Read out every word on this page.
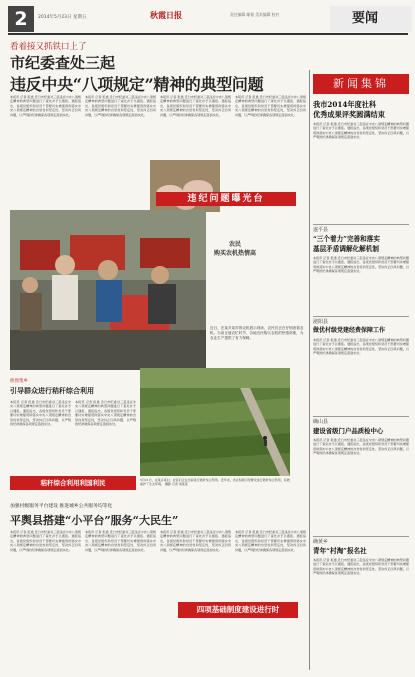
2	2014年5月23日 星期五	秋霞日报	责任编辑 邮箱 美术编辑 校对	要闻
看着接又抓铁口上了
市纪委查处三起
违反中央“八项规定”精神的典型问题
本报讯 记者 报道 近日市纪委对三起违反中央八项规定精神的典型问题进行了查处并予以通报。通报指出，各级党组织和党员干部要切实增强贯彻落实中央八项规定精神的自觉性和坚定性，坚决纠正四风问题，以严明的纪律确保各项规定落到实处。
本报讯 记者 报道 近日市纪委对三起违反中央八项规定精神的典型问题进行了查处并予以通报。通报指出，各级党组织和党员干部要切实增强贯彻落实中央八项规定精神的自觉性和坚定性，坚决纠正四风问题，以严明的纪律确保各项规定落到实处。
本报讯 记者 报道 近日市纪委对三起违反中央八项规定精神的典型问题进行了查处并予以通报。通报指出，各级党组织和党员干部要切实增强贯彻落实中央八项规定精神的自觉性和坚定性，坚决纠正四风问题，以严明的纪律确保各项规定落到实处。
本报讯 记者 报道 近日市纪委对三起违反中央八项规定精神的典型问题进行了查处并予以通报。通报指出，各级党组织和党员干部要切实增强贯彻落实中央八项规定精神的自觉性和坚定性，坚决纠正四风问题，以严明的纪律确保各项规定落到实处。
违纪问题曝光台
农民
购买农机热情高
近日，在某乡某村的农机展示现场，农民们正在仔细查看农机。当前正值农忙时节，各地农民购买农机的热情高涨，为农业生产提供了有力保障。
桥图集乡
引导群众进行秸秆综合利用
本报讯 记者 报道 近日市纪委对三起违反中央八项规定精神的典型问题进行了查处并予以通报。通报指出，各级党组织和党员干部要切实增强贯彻落实中央八项规定精神的自觉性和坚定性，坚决纠正四风问题，以严明的纪律确保各项规定落到实处。
本报讯 记者 报道 近日市纪委对三起违反中央八项规定精神的典型问题进行了查处并予以通报。通报指出，各级党组织和党员干部要切实增强贯彻落实中央八项规定精神的自觉性和坚定性，坚决纠正四风问题，以严明的纪律确保各项规定落到实处。
秸秆综合利用利国利民	5月21日，在某乡某村，农民们正在田间进行秸秆综合利用。近年来，该乡积极引导群众进行秸秆综合利用，有效保护了生态环境。 摄影 记者 刘某某
加强村级服务平台建设 推进城乡公共服务均等化
平舆县搭建“小平台”服务“大民生”
本报讯 记者 报道 近日市纪委对三起违反中央八项规定精神的典型问题进行了查处并予以通报。通报指出，各级党组织和党员干部要切实增强贯彻落实中央八项规定精神的自觉性和坚定性，坚决纠正四风问题，以严明的纪律确保各项规定落到实处。
本报讯 记者 报道 近日市纪委对三起违反中央八项规定精神的典型问题进行了查处并予以通报。通报指出，各级党组织和党员干部要切实增强贯彻落实中央八项规定精神的自觉性和坚定性，坚决纠正四风问题，以严明的纪律确保各项规定落到实处。
本报讯 记者 报道 近日市纪委对三起违反中央八项规定精神的典型问题进行了查处并予以通报。通报指出，各级党组织和党员干部要切实增强贯彻落实中央八项规定精神的自觉性和坚定性，坚决纠正四风问题，以严明的纪律确保各项规定落到实处。
本报讯 记者 报道 近日市纪委对三起违反中央八项规定精神的典型问题进行了查处并予以通报。通报指出，各级党组织和党员干部要切实增强贯彻落实中央八项规定精神的自觉性和坚定性，坚决纠正四风问题，以严明的纪律确保各项规定落到实处。
四项基础制度建设进行时
新闻集锦
我市2014年度社科
优秀成果评奖圆满结束
本报讯 记者 报道 近日市纪委对三起违反中央八项规定精神的典型问题进行了查处并予以通报。通报指出，各级党组织和党员干部要切实增强贯彻落实中央八项规定精神的自觉性和坚定性，坚决纠正四风问题，以严明的纪律确保各项规定落到实处。
遂平县
“三个着力”完善和落实
基层矛盾调解化解机制
本报讯 记者 报道 近日市纪委对三起违反中央八项规定精神的典型问题进行了查处并予以通报。通报指出，各级党组织和党员干部要切实增强贯彻落实中央八项规定精神的自觉性和坚定性，坚决纠正四风问题，以严明的纪律确保各项规定落到实处。
泌阳县
做优村级党建经费保障工作
本报讯 记者 报道 近日市纪委对三起违反中央八项规定精神的典型问题进行了查处并予以通报。通报指出，各级党组织和党员干部要切实增强贯彻落实中央八项规定精神的自觉性和坚定性，坚决纠正四风问题，以严明的纪律确保各项规定落到实处。
确山县
建设省级门户品质检中心
本报讯 记者 报道 近日市纪委对三起违反中央八项规定精神的典型问题进行了查处并予以通报。通报指出，各级党组织和党员干部要切实增强贯彻落实中央八项规定精神的自觉性和坚定性，坚决纠正四风问题，以严明的纪律确保各项规定落到实处。
确黄乡
青年“村淘”报名社
本报讯 记者 报道 近日市纪委对三起违反中央八项规定精神的典型问题进行了查处并予以通报。通报指出，各级党组织和党员干部要切实增强贯彻落实中央八项规定精神的自觉性和坚定性，坚决纠正四风问题，以严明的纪律确保各项规定落到实处。
